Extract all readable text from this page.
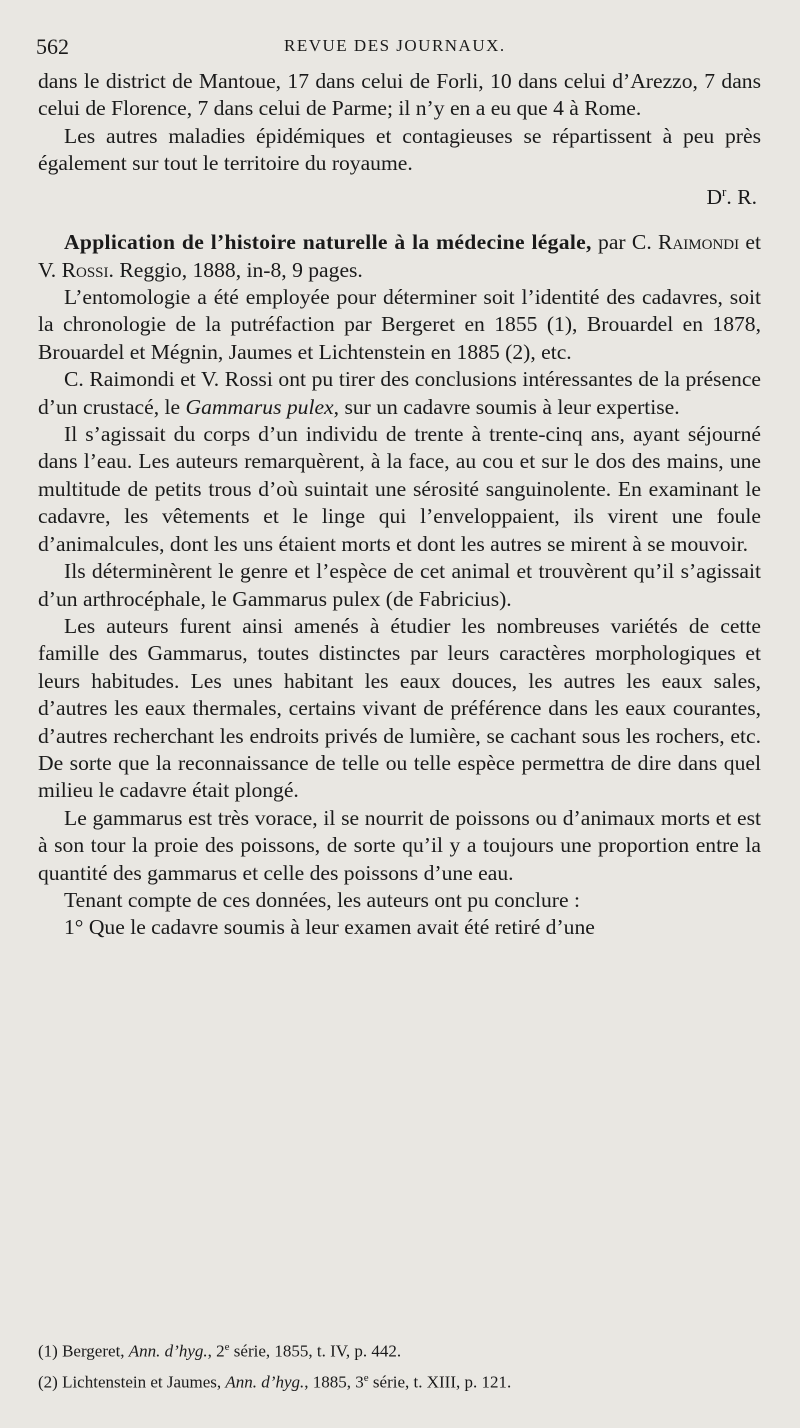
562	REVUE DES JOURNAUX.

dans le district de Mantoue, 17 dans celui de Forli, 10 dans celui d’Arezzo, 7 dans celui de Florence, 7 dans celui de Parme; il n’y en a eu que 4 à Rome.

Les autres maladies épidémiques et contagieuses se répartissent à peu près également sur tout le territoire du royaume.

$D^r$. R.

Application de l’histoire naturelle à la médecine légale, par C. Raimondi et V. Rossi. Reggio, 1888, in-8, 9 pages.

L’entomologie a été employée pour déterminer soit l’identité des cadavres, soit la chronologie de la putréfaction par Bergeret en 1855 (1), Brouardel en 1878, Brouardel et Mégnin, Jaumes et Lichtenstein en 1885 (2), etc.

C. Raimondi et V. Rossi ont pu tirer des conclusions intéressantes de la présence d’un crustacé, le Gammarus pulex, sur un cadavre soumis à leur expertise.

Il s’agissait du corps d’un individu de trente à trente-cinq ans, ayant séjourné dans l’eau. Les auteurs remarquèrent, à la face, au cou et sur le dos des mains, une multitude de petits trous d’où suintait une sérosité sanguinolente. En examinant le cadavre, les vêtements et le linge qui l’enveloppaient, ils virent une foule d’animalcules, dont les uns étaient morts et dont les autres se mirent à se mouvoir.

Ils déterminèrent le genre et l’espèce de cet animal et trouvèrent qu’il s’agissait d’un arthrocéphale, le Gammarus pulex (de Fabricius).

Les auteurs furent ainsi amenés à étudier les nombreuses variétés de cette famille des Gammarus, toutes distinctes par leurs caractères morphologiques et leurs habitudes. Les unes habitant les eaux douces, les autres les eaux sales, d’autres les eaux thermales, certains vivant de préférence dans les eaux courantes, d’autres recherchant les endroits privés de lumière, se cachant sous les rochers, etc. De sorte que la reconnaissance de telle ou telle espèce permettra de dire dans quel milieu le cadavre était plongé.

Le gammarus est très vorace, il se nourrit de poissons ou d’animaux morts et est à son tour la proie des poissons, de sorte qu’il y a toujours une proportion entre la quantité des gammarus et celle des poissons d’une eau.

Tenant compte de ces données, les auteurs ont pu conclure :

1° Que le cadavre soumis à leur examen avait été retiré d’une

(1) Bergeret, Ann. d’hyg., 2e série, 1855, t. IV, p. 442.

(2) Lichtenstein et Jaumes, Ann. d’hyg., 1885, 3e série, t. XIII, p. 121.
